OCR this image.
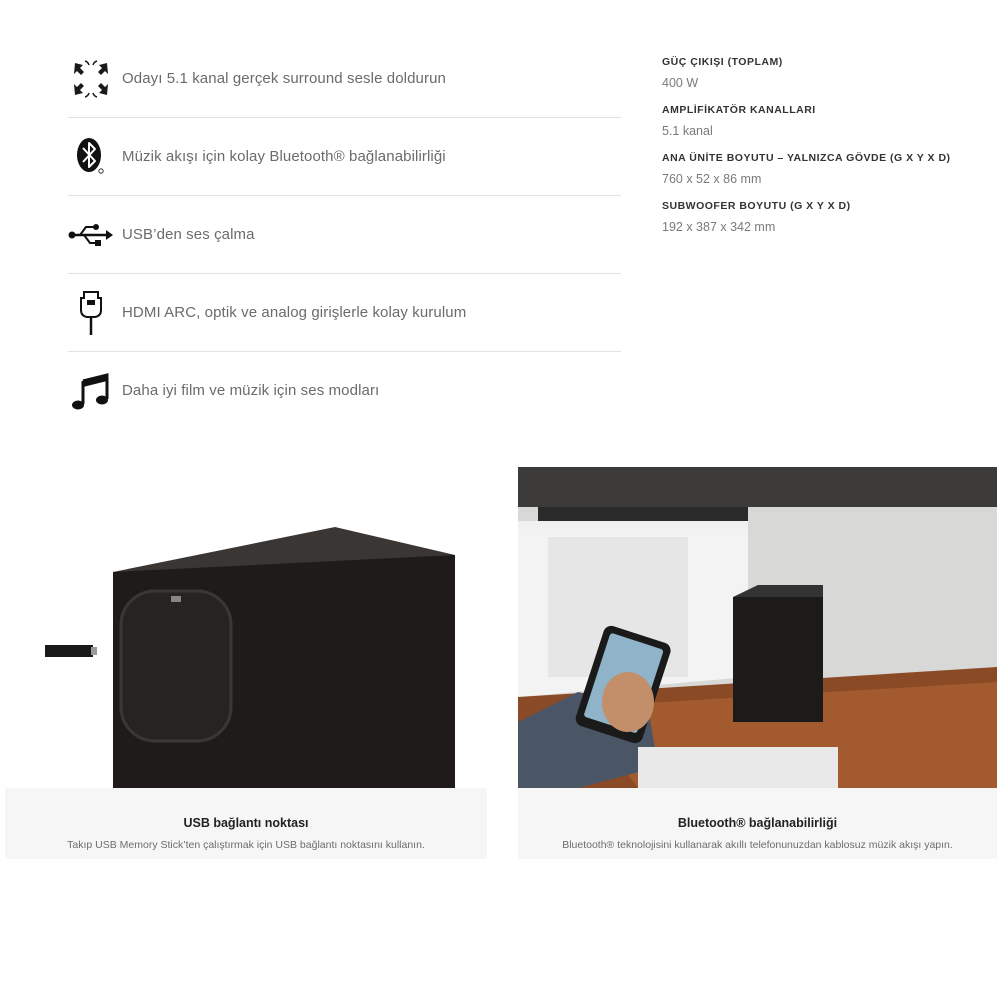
Odayı 5.1 kanal gerçek surround sesle doldurun
Müzik akışı için kolay Bluetooth® bağlanabilirliği
USB’den ses çalma
HDMI ARC, optik ve analog girişlerle kolay kurulum
Daha iyi film ve müzik için ses modları
GÜÇ ÇIKIŞI (TOPLAM)
400 W
AMPLİFİKATÖR KANALLARI
5.1 kanal
ANA ÜNİTE BOYUTU – YALNIZCA GÖVDE (G X Y X D)
760 x 52 x 86 mm
SUBWOOFER BOYUTU (G X Y X D)
192 x 387 x 342 mm
USB bağlantı noktası
Takıp USB Memory Stick’ten çalıştırmak için USB bağlantı noktasını kullanın.
Bluetooth® bağlanabilirliği
Bluetooth® teknolojisini kullanarak akıllı telefonunuzdan kablosuz müzik akışı yapın.
